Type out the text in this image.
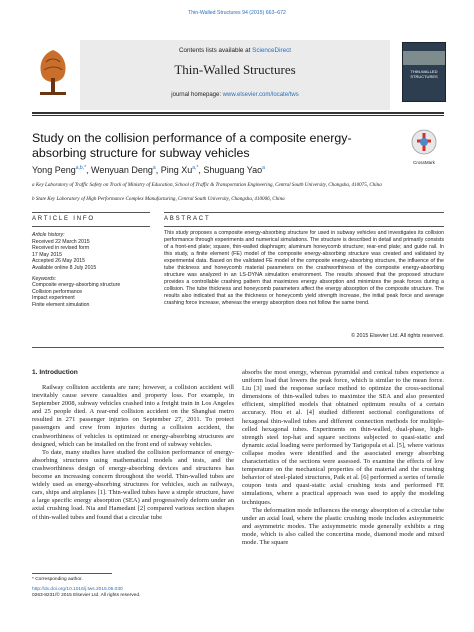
Thin-Walled Structures 94 (2015) 663–672
Contents lists available at ScienceDirect
Thin-Walled Structures
journal homepage: www.elsevier.com/locate/tws
THIN-WALLED STRUCTURES
Study on the collision performance of a composite energy-absorbing structure for subway vehicles
CrossMark
Yong Peng$^{a,b,*}$, Wenyuan Deng$^a$, Ping $Xu^{a,*}$, Shuguang Yao$^a$
a Key Laboratory of Traffic Safety on Track of Ministry of Education, School of Traffic & Transportation Engineering, Central South University, Changsha, 410075, China
b State Key Laboratory of High Performance Complex Manufacturing, Central South University, Changsha, 410006, China
ARTICLE INFO
Article history:
Received 22 March 2015
Received in revised form
17 May 2015
Accepted 26 May 2015
Available online 8 July 2015
Keywords:
Composite energy-absorbing structure
Collision performance
Impact experiment
Finite element simulation
ABSTRACT
This study proposes a composite energy-absorbing structure for used in subway vehicles and investigates its collision performance through experiments and numerical simulations. The structure is described in detail and primarily consists of a front-end plate; square, thin-walled diaphragm; aluminum honeycomb structure; rear-end plate; and guide rail. In this study, a finite element (FE) model of the composite energy-absorbing structure was created and validated by experimental data. Based on the validated FE model of the composite energy-absorbing structure, the influence of the tube thickness and honeycomb material parameters on the crashworthiness of the composite energy-absorbing structure was analyzed in an LS-DYNA simulation environment. The results showed that the proposed structure provides a controllable crashing pattern that maximizes energy absorption and minimizes the peak forces during a collision. The tube thickness and honeycomb parameters affect the energy absorption of the composite structure. The results also indicated that as the thickness or honeycomb yield strength increase, the initial peak force and average crashing force increase, whereas the energy absorption does not follow the same trend.
© 2015 Elsevier Ltd. All rights reserved.
1. Introduction

Railway collision accidents are rare; however, a collision accident will inevitably cause severe casualties and property loss. For example, in September 2008, subway vehicles crashed into a freight train in Los Angeles and 25 people died. A rear-end collision accident on the Shanghai metro resulted in 271 passenger injuries on September 27, 2011. To protect passengers and crew from injuries during a collision accident, the crashworthiness of vehicles is optimized or energy-absorbing structures are designed, which can be installed on the front end of subway vehicles.

To date, many studies have studied the collision performance of energy-absorbing structures using mathematical models and tests, and the crashworthiness design of energy-absorbing devices and structures has become an increasing concern throughout the world. Thin-walled tubes are widely used as energy-absorbing structures for vehicles, such as railways, cars, ships and airplanes [1]. Thin-walled tubes have a simple structure, have a large specific energy absorption (SEA) and progressively deform under an axial crushing load. Nia and Hamedani [2] compared various section shapes of thin-walled tubes and found that a circular tube

absorbs the most energy, whereas pyramidal and conical tubes experience a uniform load that lowers the peak force, which is similar to the mean force. Liu [3] used the response surface method to optimize the cross-sectional dimensions of thin-walled tubes to maximize the SEA and also presented efficient, simplified models that obtained optimum results of a certain accuracy. Hou et al. [4] studied different sectional configurations of hexagonal thin-walled tubes and different connection methods for multiple-celled hexagonal tubes. Experiments on thin-walled, dual-phase, high-strength steel top-hat and square sections subjected to quasi-static and dynamic axial loading were performed by Tarigopula et al. [5], where various collapse modes were identified and the associated energy absorbing characteristics of the sections were assessed. To examine the effects of low temperature on the mechanical properties of the material and the crushing behavior of steel-plated structures, Paik et al. [6] performed a series of tensile coupon tests and quasi-static axial crushing tests and performed FE simulations, where a practical approach was used to apply the modeling techniques.

The deformation mode influences the energy absorption of a circular tube under an axial load, where the plastic crushing mode includes axisymmetric and asymmetric modes. The axisymmetric mode generally exhibits a ring mode, which is also called the concertina mode, diamond mode and mixed mode. The square

* Corresponding author.
http://dx.doi.org/10.1016/j.tws.2015.05.030
0263-8231/© 2015 Elsevier Ltd. All rights reserved.
